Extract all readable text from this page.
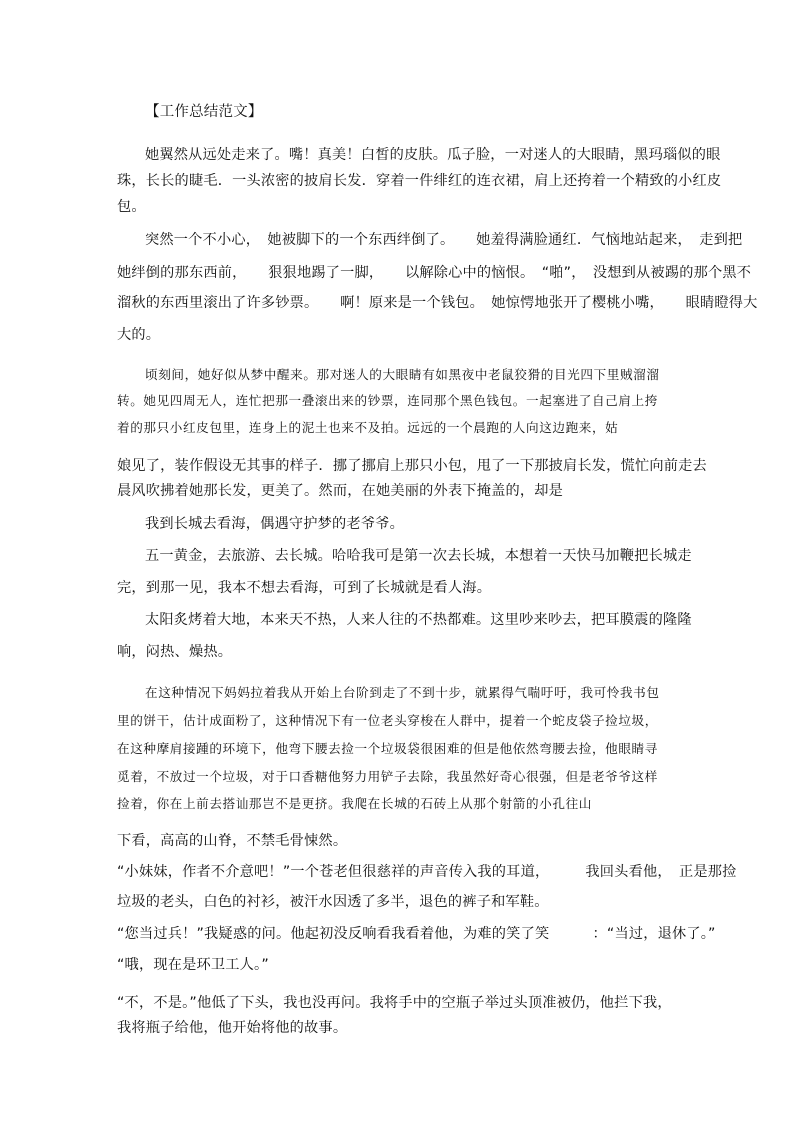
【工作总结范文】
她翼然从远处走来了。嘴！真美！白皙的皮肤。瓜子脸，一对迷人的大眼睛，黑玛瑙似的眼
珠，长长的睫毛．一头浓密的披肩长发．穿着一件绯红的连衣裙，肩上还挎着一个精致的小红皮
包。
突然一个不小心，　她被脚下的一个东西绊倒了。　　她羞得满脸通红．气恼地站起来，　走到把
她绊倒的那东西前，　　狠狠地踢了一脚，　　以解除心中的恼恨。　“啪”，　没想到从被踢的那个黑不
溜秋的东西里滚出了许多钞票。　　啊！原来是一个钱包。　她惊愕地张开了樱桃小嘴，　　眼睛瞪得大
大的。
顷刻间，她好似从梦中醒来。那对迷人的大眼睛有如黑夜中老鼠狡猾的目光四下里贼溜溜
转。她见四周无人，连忙把那一叠滚出来的钞票，连同那个黑色钱包。一起塞进了自己肩上挎
着的那只小红皮包里，连身上的泥土也来不及拍。远远的一个晨跑的人向这边跑来，姑
娘见了，装作假设无其事的样子．挪了挪肩上那只小包，甩了一下那披肩长发，慌忙向前走去
晨风吹拂着她那长发，更美了。然而，在她美丽的外表下掩盖的，却是
我到长城去看海，偶遇守护梦的老爷爷。
五一黄金，去旅游、去长城。哈哈我可是第一次去长城，本想着一天快马加鞭把长城走
完，到那一见，我本不想去看海，可到了长城就是看人海。
太阳炙烤着大地，本来天不热，人来人往的不热都难。这里吵来吵去，把耳膜震的隆隆
响，闷热、燥热。
在这种情况下妈妈拉着我从开始上台阶到走了不到十步，就累得气喘吁吁，我可怜我书包
里的饼干，估计成面粉了，这种情况下有一位老头穿梭在人群中，提着一个蛇皮袋子捡垃圾，
在这种摩肩接踵的环境下，他弯下腰去捡一个垃圾袋很困难的但是他依然弯腰去捡，他眼睛寻
觅着，不放过一个垃圾，对于口香糖他努力用铲子去除，我虽然好奇心很强，但是老爷爷这样
捡着，你在上前去搭讪那岂不是更挤。我爬在长城的石砖上从那个射箭的小孔往山
下看，高高的山脊，不禁毛骨悚然。
“小妹妹，作者不介意吧！”一个苍老但很慈祥的声音传入我的耳道，　　　我回头看他，　正是那捡
垃圾的老头，白色的衬衫，被汗水因透了多半，退色的裤子和军鞋。
“您当过兵！”我疑惑的问。他起初没反响看我看着他，为难的笑了笑　　　：“当过，退休了。”
“哦，现在是环卫工人。”
“不，不是。”他低了下头，我也没再问。我将手中的空瓶子举过头顶准被仍，他拦下我，
我将瓶子给他，他开始将他的故事。
